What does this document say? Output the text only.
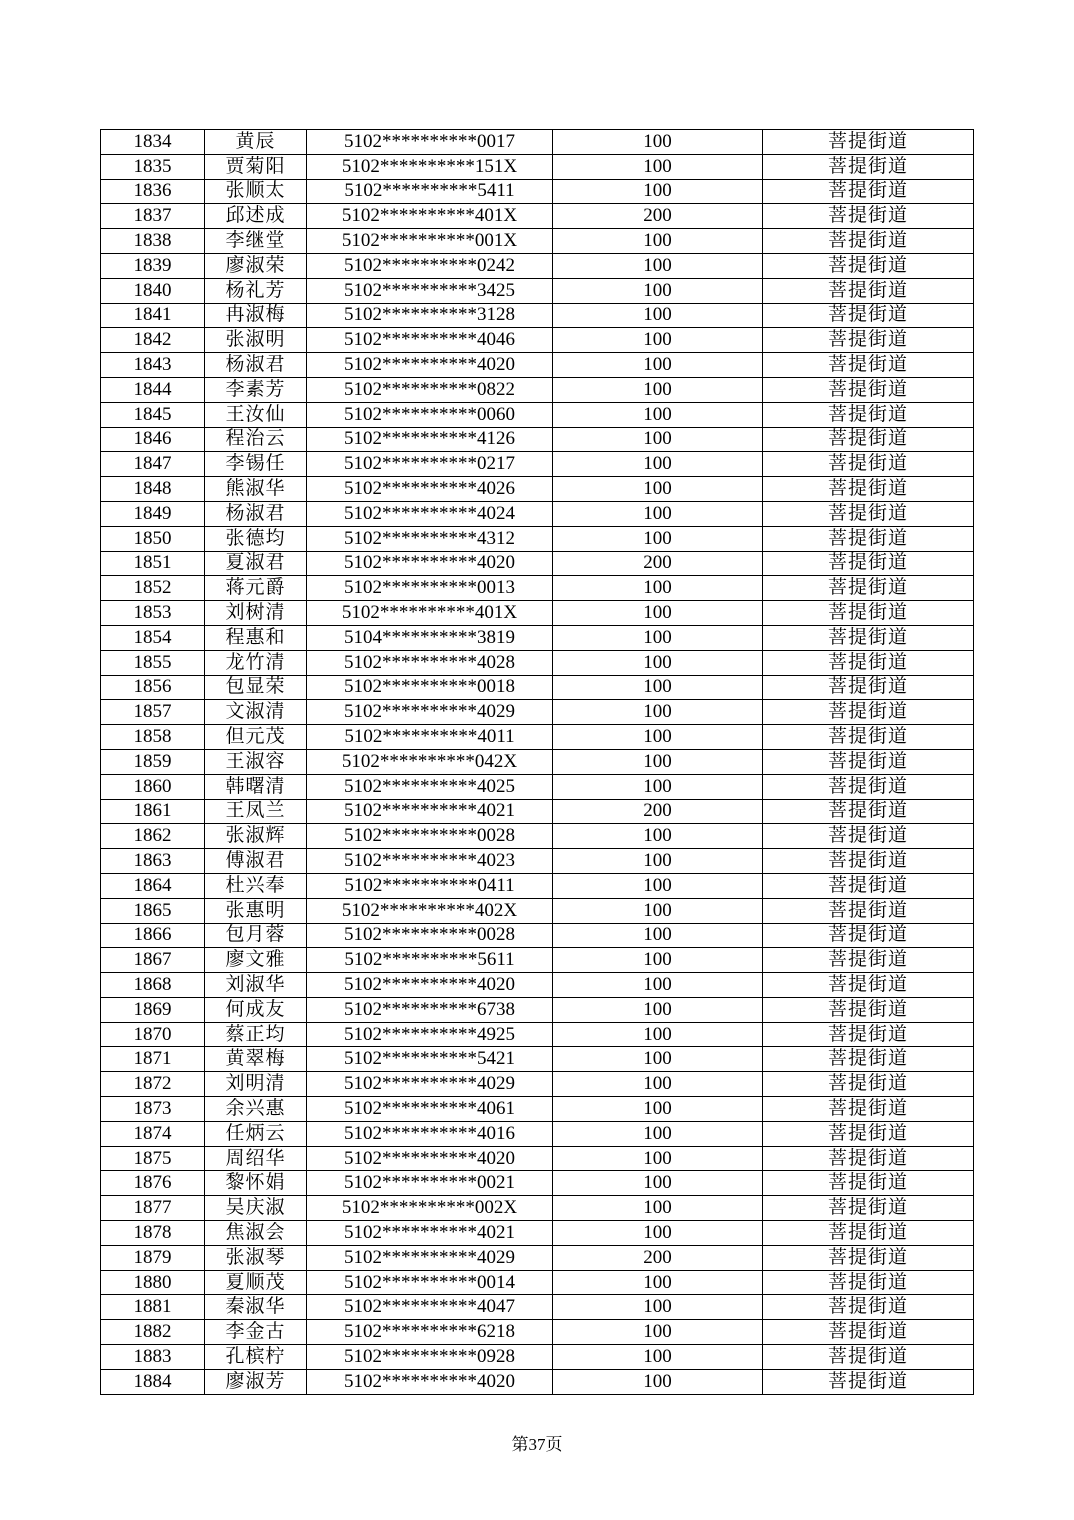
1834	黄辰	5102**********0017	100	菩提街道
1835	贾菊阳	5102**********151X	100	菩提街道
1836	张顺太	5102**********5411	100	菩提街道
1837	邱述成	5102**********401X	200	菩提街道
1838	李继堂	5102**********001X	100	菩提街道
1839	廖淑荣	5102**********0242	100	菩提街道
1840	杨礼芳	5102**********3425	100	菩提街道
1841	冉淑梅	5102**********3128	100	菩提街道
1842	张淑明	5102**********4046	100	菩提街道
1843	杨淑君	5102**********4020	100	菩提街道
1844	李素芳	5102**********0822	100	菩提街道
1845	王汝仙	5102**********0060	100	菩提街道
1846	程治云	5102**********4126	100	菩提街道
1847	李锡任	5102**********0217	100	菩提街道
1848	熊淑华	5102**********4026	100	菩提街道
1849	杨淑君	5102**********4024	100	菩提街道
1850	张德均	5102**********4312	100	菩提街道
1851	夏淑君	5102**********4020	200	菩提街道
1852	蒋元爵	5102**********0013	100	菩提街道
1853	刘树清	5102**********401X	100	菩提街道
1854	程惠和	5104**********3819	100	菩提街道
1855	龙竹清	5102**********4028	100	菩提街道
1856	包显荣	5102**********0018	100	菩提街道
1857	文淑清	5102**********4029	100	菩提街道
1858	但元茂	5102**********4011	100	菩提街道
1859	王淑容	5102**********042X	100	菩提街道
1860	韩曙清	5102**********4025	100	菩提街道
1861	王凤兰	5102**********4021	200	菩提街道
1862	张淑辉	5102**********0028	100	菩提街道
1863	傅淑君	5102**********4023	100	菩提街道
1864	杜兴奉	5102**********0411	100	菩提街道
1865	张惠明	5102**********402X	100	菩提街道
1866	包月蓉	5102**********0028	100	菩提街道
1867	廖文雅	5102**********5611	100	菩提街道
1868	刘淑华	5102**********4020	100	菩提街道
1869	何成友	5102**********6738	100	菩提街道
1870	蔡正均	5102**********4925	100	菩提街道
1871	黄翠梅	5102**********5421	100	菩提街道
1872	刘明清	5102**********4029	100	菩提街道
1873	余兴惠	5102**********4061	100	菩提街道
1874	任炳云	5102**********4016	100	菩提街道
1875	周绍华	5102**********4020	100	菩提街道
1876	黎怀娟	5102**********0021	100	菩提街道
1877	吴庆淑	5102**********002X	100	菩提街道
1878	焦淑会	5102**********4021	100	菩提街道
1879	张淑琴	5102**********4029	200	菩提街道
1880	夏顺茂	5102**********0014	100	菩提街道
1881	秦淑华	5102**********4047	100	菩提街道
1882	李金古	5102**********6218	100	菩提街道
1883	孔槟柠	5102**********0928	100	菩提街道
1884	廖淑芳	5102**********4020	100	菩提街道
第37页
